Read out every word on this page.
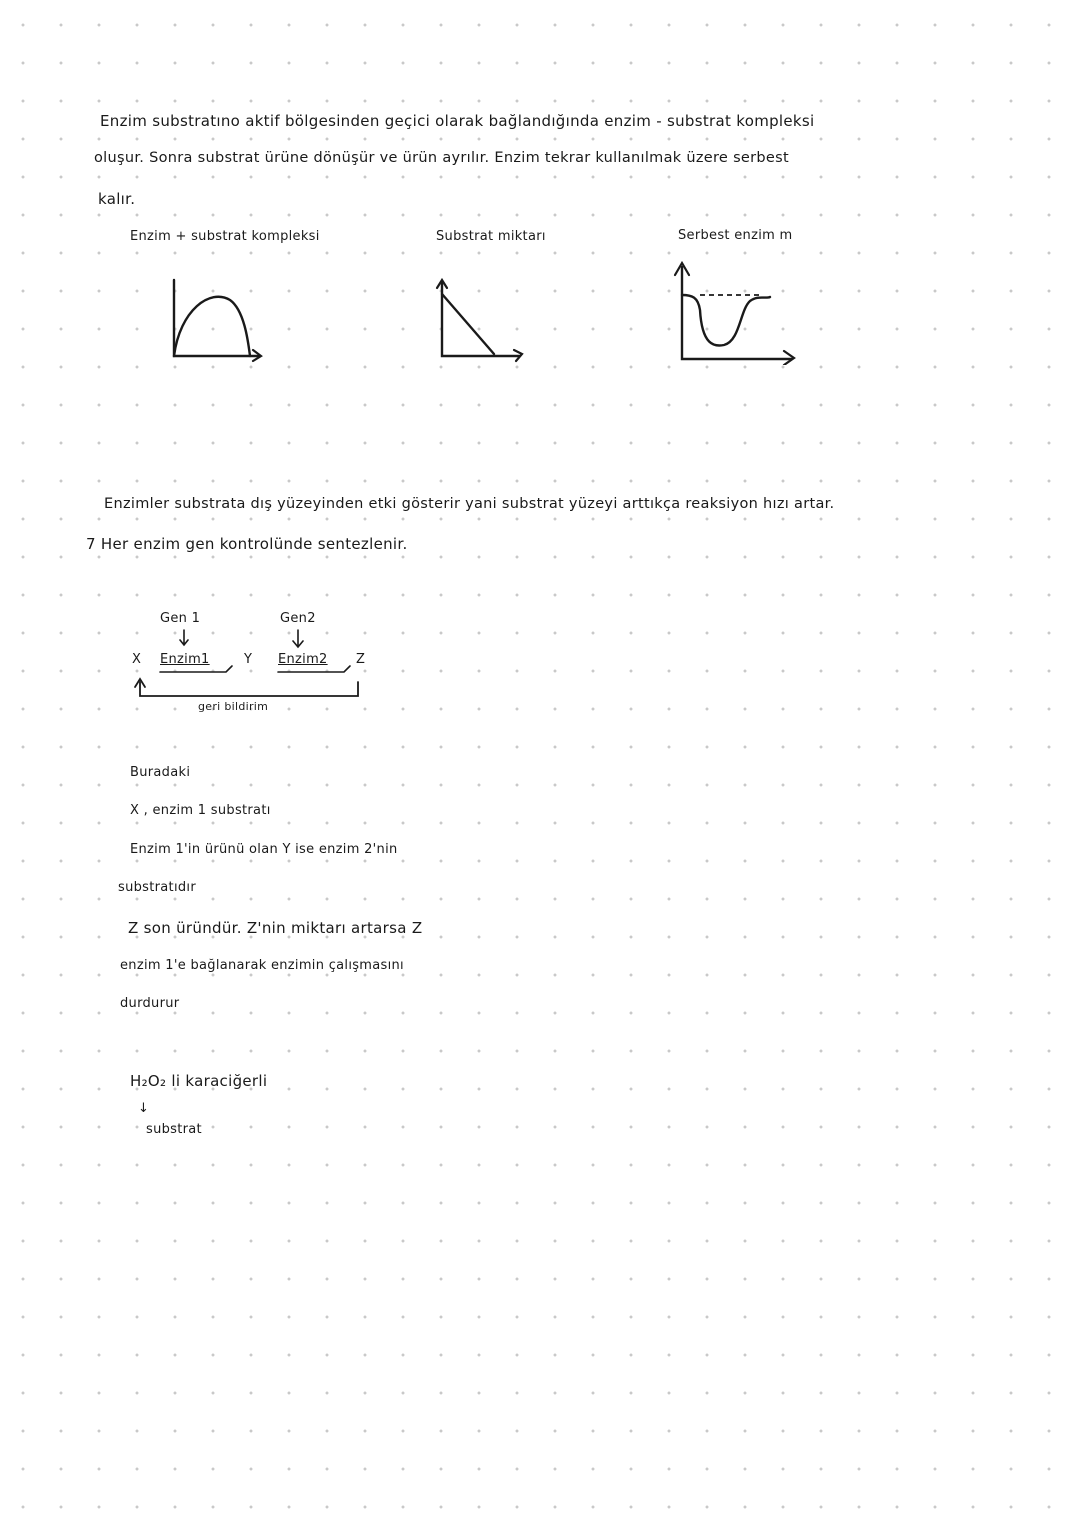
Enzim substratıno aktif bölgesinden geçici olarak bağlandığında enzim - substrat kompleksi
oluşur. Sonra substrat ürüne dönüşür ve ürün ayrılır. Enzim tekrar kullanılmak üzere serbest
kalır.
Enzim + substrat kompleksi	Substrat miktarı	Serbest enzim m
Enzimler substrata dış yüzeyinden etki gösterir yani substrat yüzeyi arttıkça reaksiyon hızı artar.
7 Her enzim gen kontrolünde sentezlenir.
Gen 1	Gen2
X Enzim1	Y Enzim2 Z
geri bildirim
Buradaki
X , enzim 1 substratı
Enzim 1'in ürünü olan Y ise enzim 2'nin
substratıdır
Z son üründür. Z'nin miktarı artarsa Z
enzim 1'e bağlanarak enzimin çalışmasını
durdurur
H₂O₂ li karaciğerli
↓
substrat
